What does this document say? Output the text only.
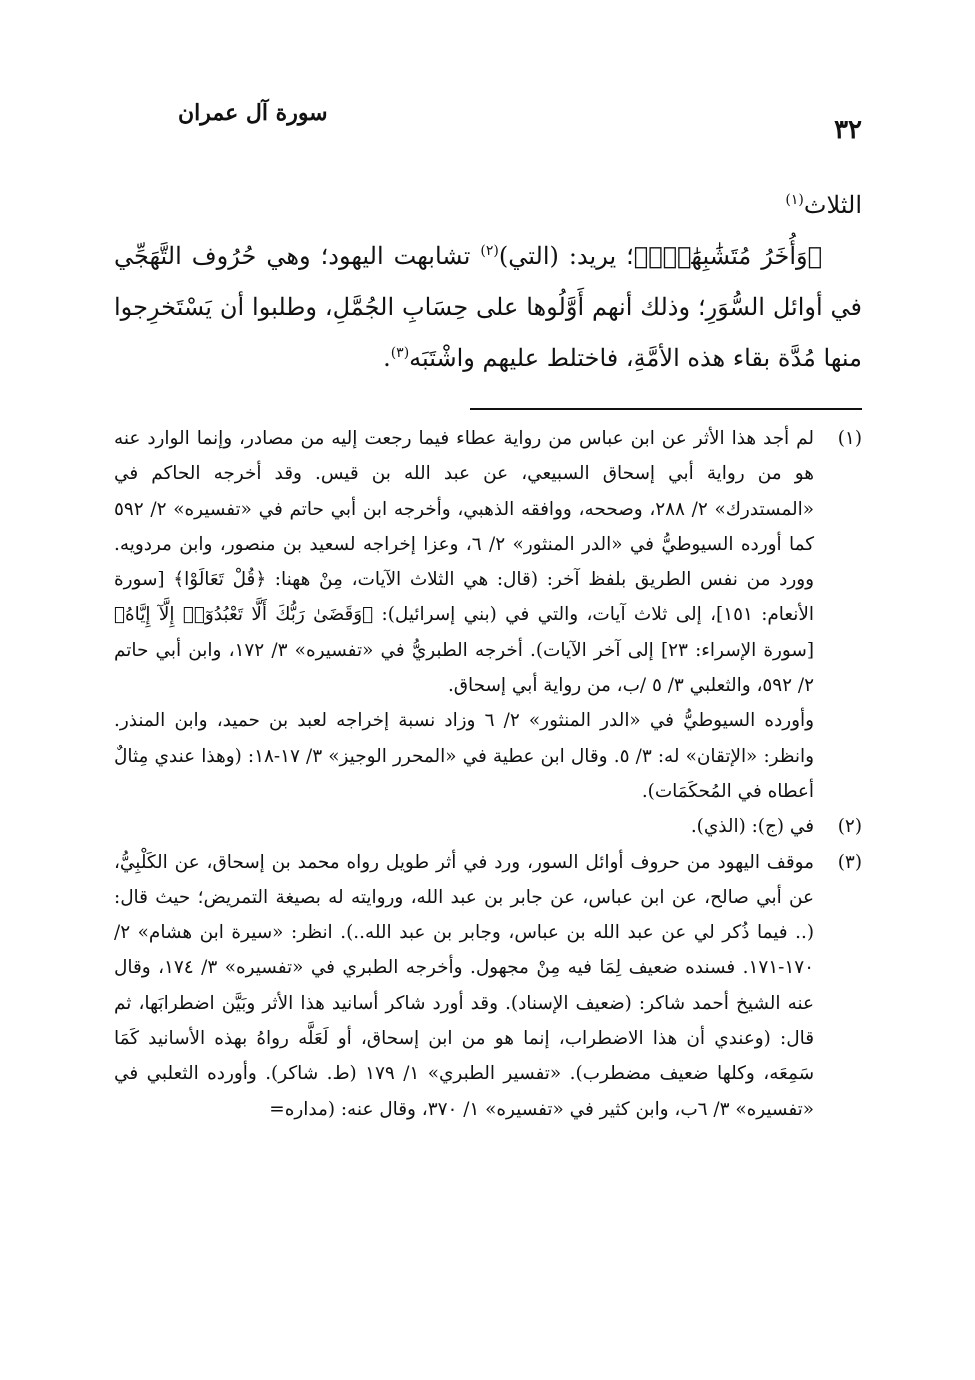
٣٢
سورة آل عمران

الثلاث$^{(١)}$

﴿وَأُخَرُ مُتَشَٰبِهَٰتٌۖ﴾؛ يريد: (التي)$^{(٢)}$ تشابهت اليهود؛ وهي حُرُوف التَّهَجِّي في أوائل السُّوَرِ؛ وذلك أنهم أَوَّلُوها على حِسَابِ الجُمَّلِ، وطلبوا أن يَسْتَخرِجوا منها مُدَّة بقاء هذه الأمَّةِ، فاختلط عليهم واشْتَبَه$^{(٣)}$.

(١)

لم أجد هذا الأثر عن ابن عباس من رواية عطاء فيما رجعت إليه من مصادر، وإنما الوارد عنه هو من رواية أبي إسحاق السبيعي، عن عبد الله بن قيس. وقد أخرجه الحاكم في «المستدرك» ٢/ ٢٨٨، وصححه، ووافقه الذهبي، وأخرجه ابن أبي حاتم في «تفسيره» ٢/ ٥٩٢ كما أورده السيوطيُّ في «الدر المنثور» ٢/ ٦، وعزا إخراجه لسعيد بن منصور، وابن مردويه. وورد من نفس الطريق بلفظ آخر: (قال: هي الثلاث الآيات، مِنْ ههنا: ﴿قُلْ تَعَالَوْا﴾ [سورة الأنعام: ١٥١]، إلى ثلاث آيات، والتي في (بني إسرائيل): ﴿وَقَضَىٰ رَبُّكَ أَلَّا تَعْبُدُوٓا۟ إِلَّآ إِيَّاهُ﴾ [سورة الإسراء: ٢٣] إلى آخر الآيات). أخرجه الطبريُّ في «تفسيره» ٣/ ١٧٢، وابن أبي حاتم ٢/ ٥٩٢، والثعلبي ٣/ ٥ /ب، من رواية أبي إسحاق.

وأورده السيوطيُّ في «الدر المنثور» ٢/ ٦ وزاد نسبة إخراجه لعبد بن حميد، وابن المنذر. وانظر: «الإتقان» له: ٣/ ٥. وقال ابن عطية في «المحرر الوجيز» ٣/ ١٧-١٨: (وهذا عندي مِثالٌ أعطاه في المُحكَمَات).

(٢)

في (ج): (الذي).

(٣)

موقف اليهود من حروف أوائل السور، ورد في أثر طويل رواه محمد بن إسحاق، عن الكَلْبِيُّ، عن أبي صالح، عن ابن عباس، عن جابر بن عبد الله، وروايته له بصيغة التمريض؛ حيث قال: (.. فيما ذُكر لي عن عبد الله بن عباس، وجابر بن عبد الله..). انظر: «سيرة ابن هشام» ٢/ ١٧٠-١٧١. فسنده ضعيف لِمَا فيه مِنْ مجهول. وأخرجه الطبري في «تفسيره» ٣/ ١٧٤، وقال عنه الشيخ أحمد شاكر: (ضعيف الإسناد). وقد أورد شاكر أسانيد هذا الأثر وبَيَّن اضطرابَها، ثم قال: (وعندي أن هذا الاضطراب، إنما هو من ابن إسحاق، أو لَعَلَّه رواهُ بهذه الأسانيد كَمَا سَمِعَه، وكلها ضعيف مضطرب). «تفسير الطبري» ١/ ١٧٩ (ط. شاكر). وأورده الثعلبي في «تفسيره» ٣/ ٦ب، وابن كثير في «تفسيره» ١/ ٣٧٠، وقال عنه: (مداره=
